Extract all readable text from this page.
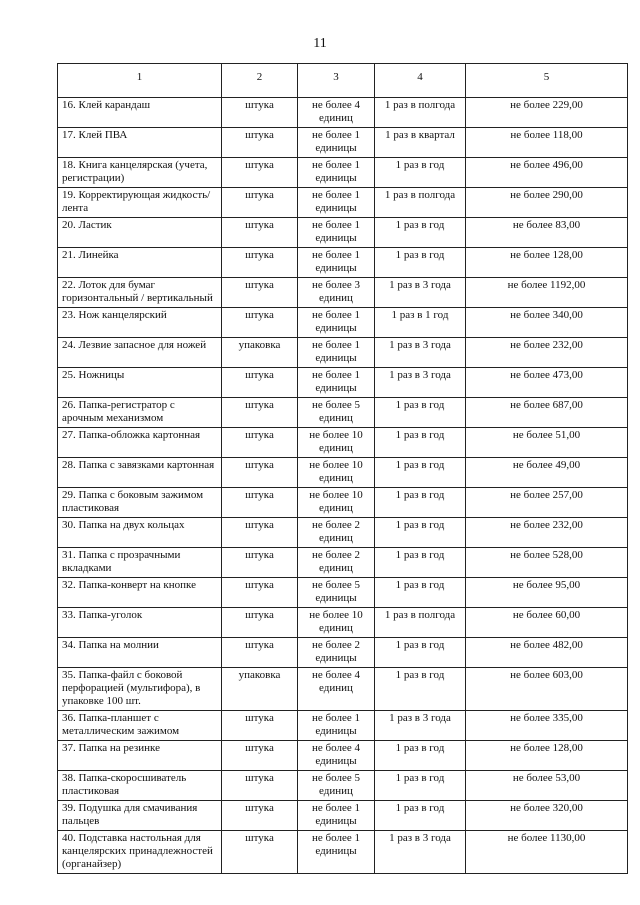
11
1	2	3	4	5
16. Клей карандаш	штука	не более 4 единиц	1 раз в полгода	не более 229,00
17. Клей ПВА	штука	не более 1 единицы	1 раз в квартал	не более 118,00
18. Книга канцелярская (учета, регистрации)	штука	не более 1 единицы	1 раз в год	не более 496,00
19. Корректирующая жидкость/лента	штука	не более 1 единицы	1 раз в полгода	не более 290,00
20. Ластик	штука	не более 1 единицы	1 раз в год	не более 83,00
21. Линейка	штука	не более 1 единицы	1 раз в год	не более 128,00
22. Лоток для бумаг горизонтальный / вертикальный	штука	не более 3 единиц	1 раз в 3 года	не более 1192,00
23. Нож канцелярский	штука	не более 1 единицы	1 раз в 1 год	не более 340,00
24. Лезвие запасное для ножей	упаковка	не более 1 единицы	1 раз в 3 года	не более 232,00
25. Ножницы	штука	не более 1 единицы	1 раз в 3 года	не более 473,00
26. Папка-регистратор с арочным механизмом	штука	не более 5 единиц	1 раз в год	не более 687,00
27. Папка-обложка картонная	штука	не более 10 единиц	1 раз в год	не более 51,00
28. Папка с завязками картонная	штука	не более 10 единиц	1 раз в год	не более 49,00
29. Папка с боковым зажимом пластиковая	штука	не более 10 единиц	1 раз в год	не более 257,00
30. Папка на двух кольцах	штука	не более 2 единиц	1 раз в год	не более 232,00
31. Папка с прозрачными вкладками	штука	не более 2 единиц	1 раз в год	не более 528,00
32. Папка-конверт на кнопке	штука	не более 5 единицы	1 раз в год	не более 95,00
33. Папка-уголок	штука	не более 10 единиц	1 раз в полгода	не более 60,00
34. Папка на молнии	штука	не более 2 единицы	1 раз в год	не более 482,00
35. Папка-файл с боковой перфорацией (мультифора), в упаковке 100 шт.	упаковка	не более 4 единиц	1 раз в год	не более 603,00
36. Папка-планшет с металлическим зажимом	штука	не более 1 единицы	1 раз в 3 года	не более 335,00
37. Папка на резинке	штука	не более 4 единицы	1 раз в год	не более 128,00
38. Папка-скоросшиватель пластиковая	штука	не более 5 единиц	1 раз в год	не более 53,00
39. Подушка для смачивания пальцев	штука	не более 1 единицы	1 раз в год	не более 320,00
40. Подставка настольная для канцелярских принадлежностей (органайзер)	штука	не более 1 единицы	1 раз в 3 года	не более 1130,00
